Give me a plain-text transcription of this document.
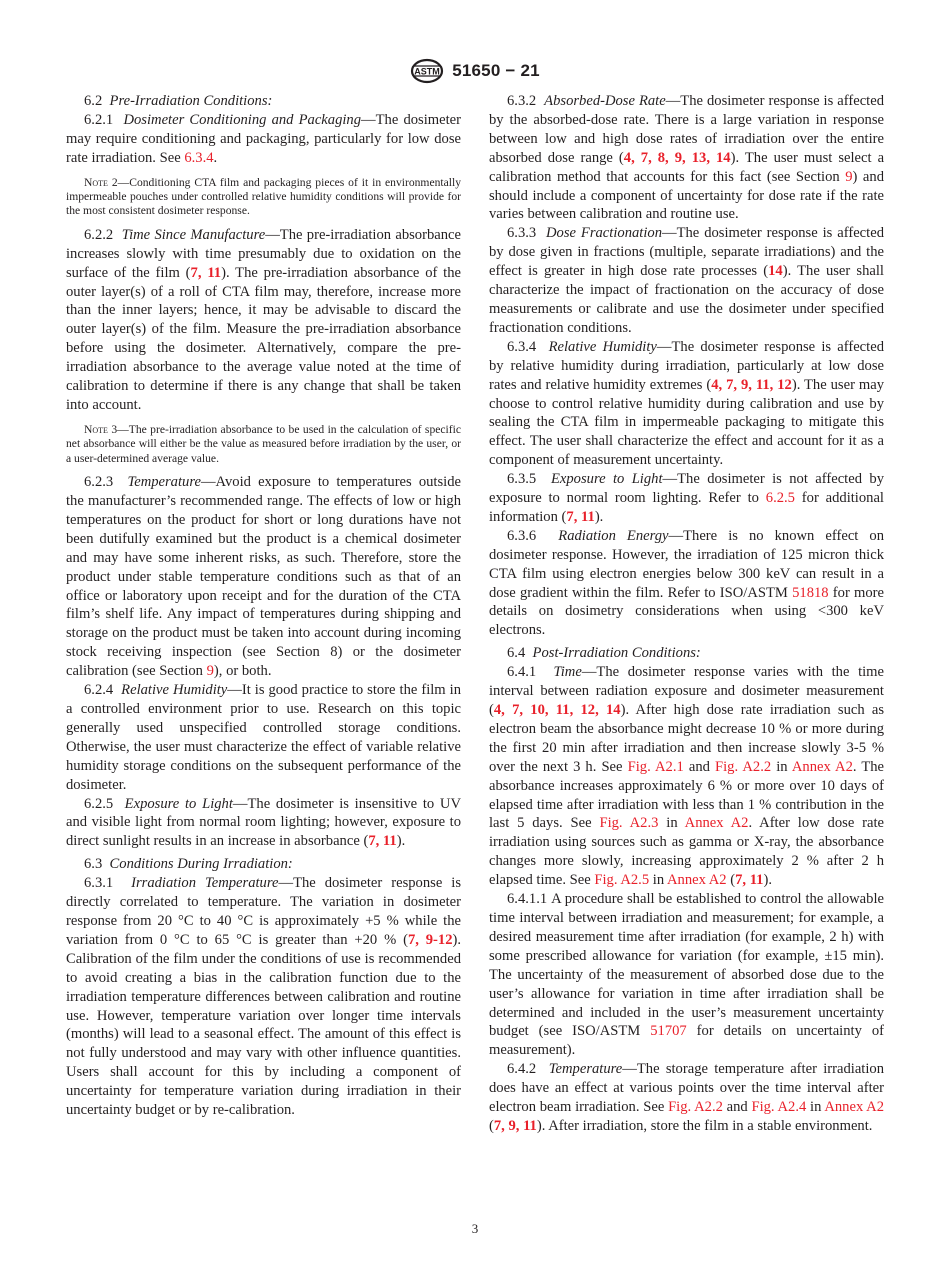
ASTM 51650 − 21

6.2 Pre-Irradiation Conditions:

6.2.1 Dosimeter Conditioning and Packaging—The dosimeter may require conditioning and packaging, particularly for low dose rate irradiation. See 6.3.4.

Note 2—Conditioning CTA film and packaging pieces of it in environmentally impermeable pouches under controlled relative humidity conditions will provide for the most consistent dosimeter response.

6.2.2 Time Since Manufacture—The pre-irradiation absorbance increases slowly with time presumably due to oxidation on the surface of the film (7, 11). The pre-irradiation absorbance of the outer layer(s) of a roll of CTA film may, therefore, increase more than the inner layers; hence, it may be advisable to discard the outer layer(s) of the film. Measure the pre-irradiation absorbance before using the dosimeter. Alternatively, compare the pre-irradiation absorbance to the average value noted at the time of calibration to determine if there is any change that shall be taken into account.

Note 3—The pre-irradiation absorbance to be used in the calculation of specific net absorbance will either be the value as measured before irradiation by the user, or a user-determined average value.

6.2.3 Temperature—Avoid exposure to temperatures outside the manufacturer’s recommended range. The effects of low or high temperatures on the product for short or long durations have not been dutifully examined but the product is a chemical dosimeter and may have some inherent risks, as such. Therefore, store the product under stable temperature conditions such as that of an office or laboratory upon receipt and for the duration of the CTA film’s shelf life. Any impact of temperatures during shipping and storage on the product must be taken into account during incoming stock receiving inspection (see Section 8) or the dosimeter calibration (see Section 9), or both.

6.2.4 Relative Humidity—It is good practice to store the film in a controlled environment prior to use. Research on this topic generally used unspecified controlled storage conditions. Otherwise, the user must characterize the effect of variable relative humidity storage conditions on the subsequent performance of the dosimeter.

6.2.5 Exposure to Light—The dosimeter is insensitive to UV and visible light from normal room lighting; however, exposure to direct sunlight results in an increase in absorbance (7, 11).

6.3 Conditions During Irradiation:

6.3.1 Irradiation Temperature—The dosimeter response is directly correlated to temperature. The variation in dosimeter response from 20 °C to 40 °C is approximately +5 % while the variation from 0 °C to 65 °C is greater than +20 % (7, 9-12). Calibration of the film under the conditions of use is recommended to avoid creating a bias in the calibration function due to the irradiation temperature differences between calibration and routine use. However, temperature variation over longer time intervals (months) will lead to a seasonal effect. The amount of this effect is not fully understood and may vary with other influence quantities. Users shall account for this by including a component of uncertainty for temperature variation during irradiation in their uncertainty budget or by re-calibration.

6.3.2 Absorbed-Dose Rate—The dosimeter response is affected by the absorbed-dose rate. There is a large variation in response between low and high dose rates of irradiation over the entire absorbed dose range (4, 7, 8, 9, 13, 14). The user must select a calibration method that accounts for this fact (see Section 9) and should include a component of uncertainty for dose rate if the rate varies between calibration and routine use.

6.3.3 Dose Fractionation—The dosimeter response is affected by dose given in fractions (multiple, separate irradiations) and the effect is greater in high dose rate processes (14). The user shall characterize the impact of fractionation on the accuracy of dose measurements or calibrate and use the dosimeter under specified fractionation conditions.

6.3.4 Relative Humidity—The dosimeter response is affected by relative humidity during irradiation, particularly at low dose rates and relative humidity extremes (4, 7, 9, 11, 12). The user may choose to control relative humidity during calibration and use by sealing the CTA film in impermeable packaging to mitigate this effect. The user shall characterize the effect and account for it as a component of measurement uncertainty.

6.3.5 Exposure to Light—The dosimeter is not affected by exposure to normal room lighting. Refer to 6.2.5 for additional information (7, 11).

6.3.6 Radiation Energy—There is no known effect on dosimeter response. However, the irradiation of 125 micron thick CTA film using electron energies below 300 keV can result in a dose gradient within the film. Refer to ISO/ASTM 51818 for more details on dosimetry considerations when using <300 keV electrons.

6.4 Post-Irradiation Conditions:

6.4.1 Time—The dosimeter response varies with the time interval between radiation exposure and dosimeter measurement (4, 7, 10, 11, 12, 14). After high dose rate irradiation such as electron beam the absorbance might decrease 10 % or more during the first 20 min after irradiation and then increase slowly 3-5 % over the next 3 h. See Fig. A2.1 and Fig. A2.2 in Annex A2. The absorbance increases approximately 6 % or more over 10 days of elapsed time after irradiation with less than 1 % contribution in the last 5 days. See Fig. A2.3 in Annex A2. After low dose rate irradiation using sources such as gamma or X-ray, the absorbance changes more slowly, increasing approximately 2 % after 2 h elapsed time. See Fig. A2.5 in Annex A2 (7, 11).

6.4.1.1 A procedure shall be established to control the allowable time interval between irradiation and measurement; for example, a desired measurement time after irradiation (for example, 2 h) with some prescribed allowance for variation (for example, ±15 min). The uncertainty of the measurement of absorbed dose due to the user’s allowance for variation in time after irradiation shall be determined and included in the user’s measurement uncertainty budget (see ISO/ASTM 51707 for details on uncertainty of measurement).

6.4.2 Temperature—The storage temperature after irradiation does have an effect at various points over the time interval after electron beam irradiation. See Fig. A2.2 and Fig. A2.4 in Annex A2 (7, 9, 11). After irradiation, store the film in a stable environment.

3
